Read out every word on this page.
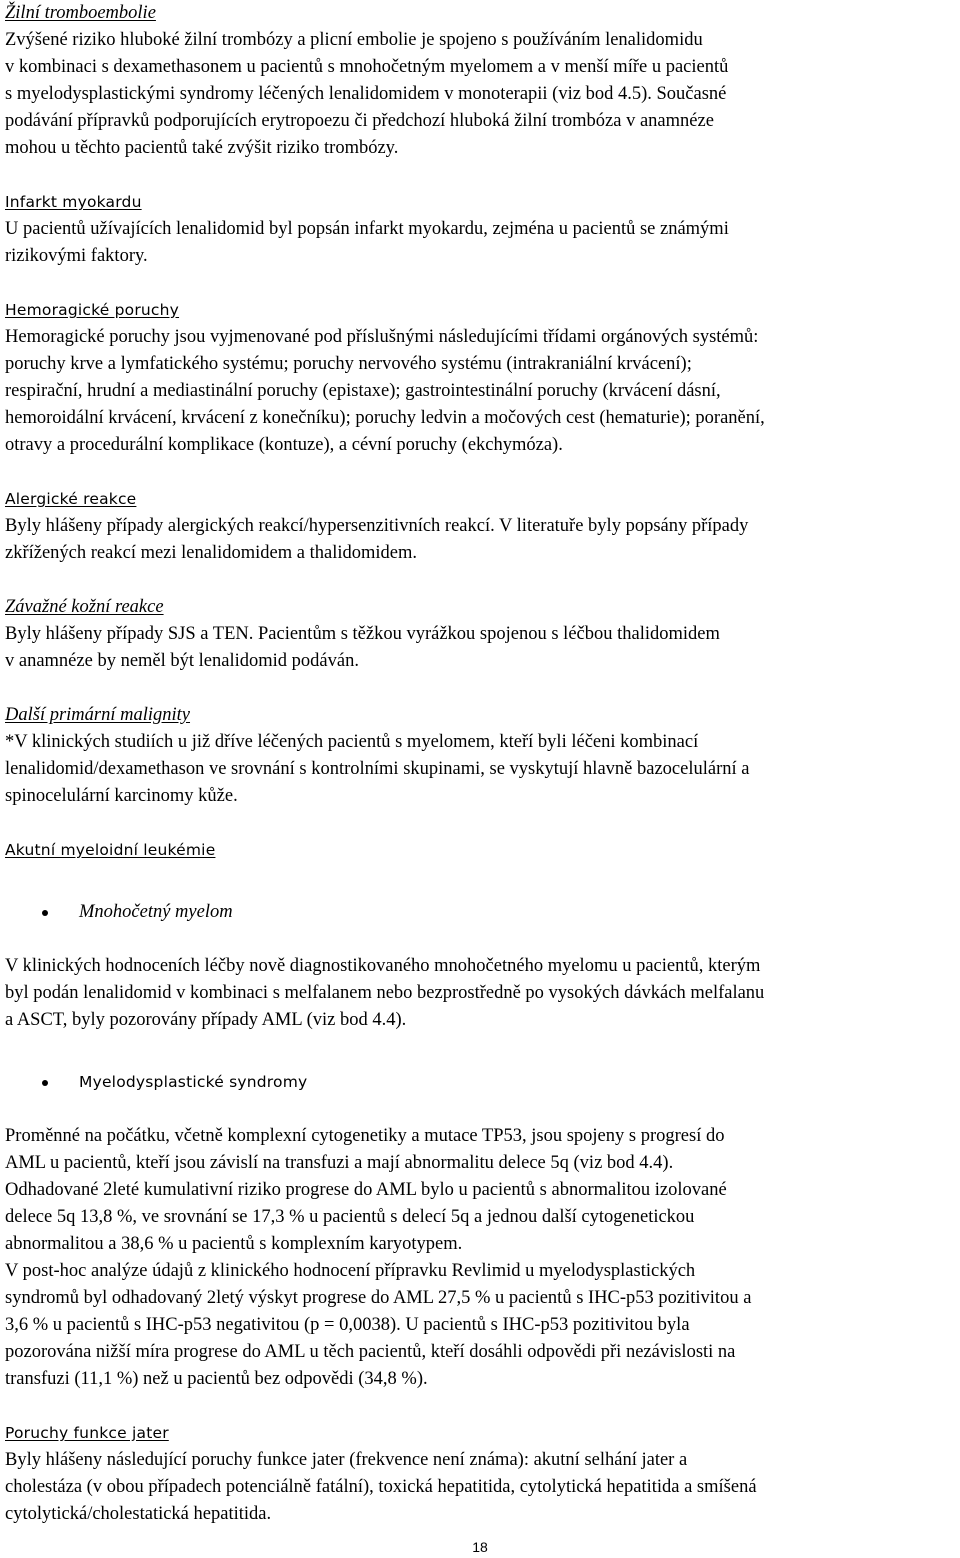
Žilní tromboembolie
Zvýšené riziko hluboké žilní trombózy a plicní embolie je spojeno s používáním lenalidomidu
v kombinaci s dexamethasonem u pacientů s mnohočetným myelomem a v menší míře u pacientů
s myelodysplastickými syndromy léčených lenalidomidem v monoterapii (viz bod 4.5). Současné
podávání přípravků podporujících erytropoezu či předchozí hluboká žilní trombóza v anamnéze
mohou u těchto pacientů také zvýšit riziko trombózy.
Infarkt myokardu
U pacientů užívajících lenalidomid byl popsán infarkt myokardu, zejména u pacientů se známými
rizikovými faktory.
Hemoragické poruchy
Hemoragické poruchy jsou vyjmenované pod příslušnými následujícími třídami orgánových systémů:
poruchy krve a lymfatického systému; poruchy nervového systému (intrakraniální krvácení);
respirační, hrudní a mediastinální poruchy (epistaxe); gastrointestinální poruchy (krvácení dásní,
hemoroidální krvácení, krvácení z konečníku); poruchy ledvin a močových cest (hematurie); poranění,
otravy a procedurální komplikace (kontuze), a cévní poruchy (ekchymóza).
Alergické reakce
Byly hlášeny případy alergických reakcí/hypersenzitivních reakcí. V literatuře byly popsány případy
zkřížených reakcí mezi lenalidomidem a thalidomidem.
Závažné kožní reakce
Byly hlášeny případy SJS a TEN. Pacientům s těžkou vyrážkou spojenou s léčbou thalidomidem
v anamnéze by neměl být lenalidomid podáván.
Další primární malignity
*V klinických studiích u již dříve léčených pacientů s myelomem, kteří byli léčeni kombinací
lenalidomid/dexamethason ve srovnání s kontrolními skupinami, se vyskytují hlavně bazocelulární a
spinocelulární karcinomy kůže.
Akutní myeloidní leukémie
Mnohočetný myelom
V klinických hodnoceních léčby nově diagnostikovaného mnohočetného myelomu u pacientů, kterým
byl podán lenalidomid v kombinaci s melfalanem nebo bezprostředně po vysokých dávkách melfalanu
a ASCT, byly pozorovány případy AML (viz bod 4.4).
Myelodysplastické syndromy
Proměnné na počátku, včetně komplexní cytogenetiky a mutace TP53, jsou spojeny s progresí do
AML u pacientů, kteří jsou závislí na transfuzi a mají abnormalitu delece 5q (viz bod 4.4).
Odhadované 2leté kumulativní riziko progrese do AML bylo u pacientů s abnormalitou izolované
delece 5q 13,8 %, ve srovnání se 17,3 % u pacientů s delecí 5q a jednou další cytogenetickou
abnormalitou a 38,6 % u pacientů s komplexním karyotypem.
V post-hoc analýze údajů z klinického hodnocení přípravku Revlimid u myelodysplastických
syndromů byl odhadovaný 2letý výskyt progrese do AML 27,5 % u pacientů s IHC-p53 pozitivitou a
3,6 % u pacientů s IHC-p53 negativitou (p = 0,0038). U pacientů s IHC-p53 pozitivitou byla
pozorována nižší míra progrese do AML u těch pacientů, kteří dosáhli odpovědi při nezávislosti na
transfuzi (11,1 %) než u pacientů bez odpovědi (34,8 %).
Poruchy funkce jater
Byly hlášeny následující poruchy funkce jater (frekvence není známa): akutní selhání jater a
cholestáza (v obou případech potenciálně fatální), toxická hepatitida, cytolytická hepatitida a smíšená
cytolytická/cholestatická hepatitida.
18
